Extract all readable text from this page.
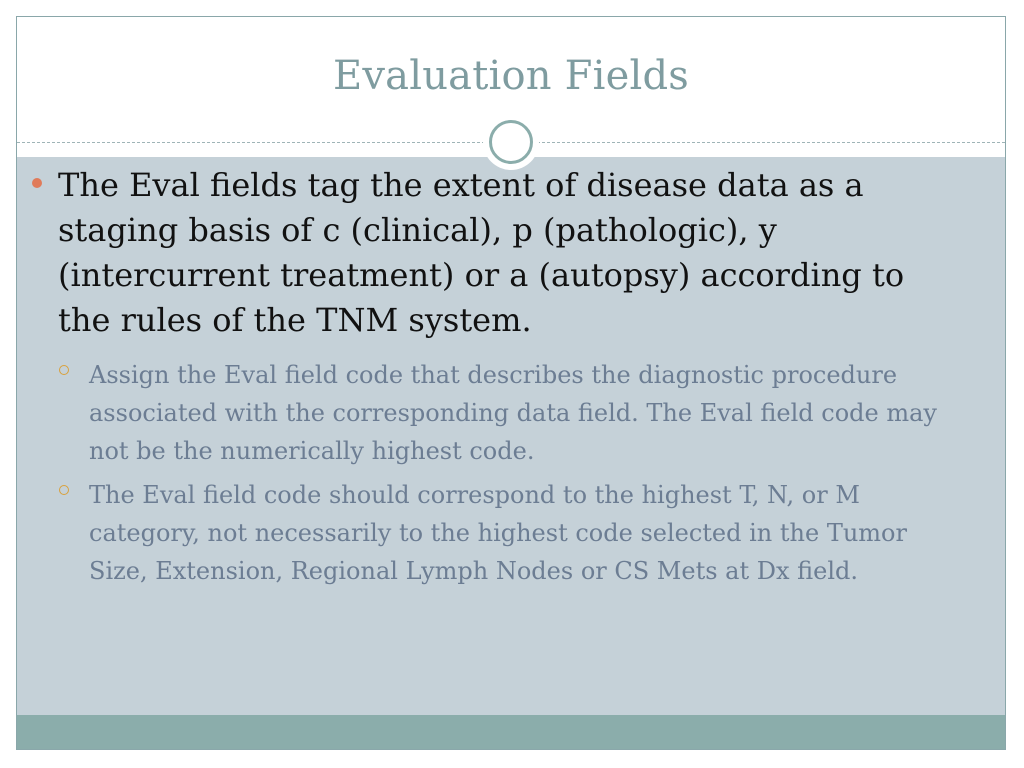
Evaluation Fields
The Eval fields tag the extent of disease data as a staging basis of c (clinical), p (pathologic), y (intercurrent treatment) or a (autopsy) according to the rules of the TNM system.
Assign the Eval field code that describes the diagnostic procedure associated with the corresponding data field. The Eval field code may not be the numerically highest code.
The Eval field code should correspond to the highest T, N, or M category, not necessarily to the highest code selected in the Tumor Size, Extension, Regional Lymph Nodes or CS Mets at Dx field.
